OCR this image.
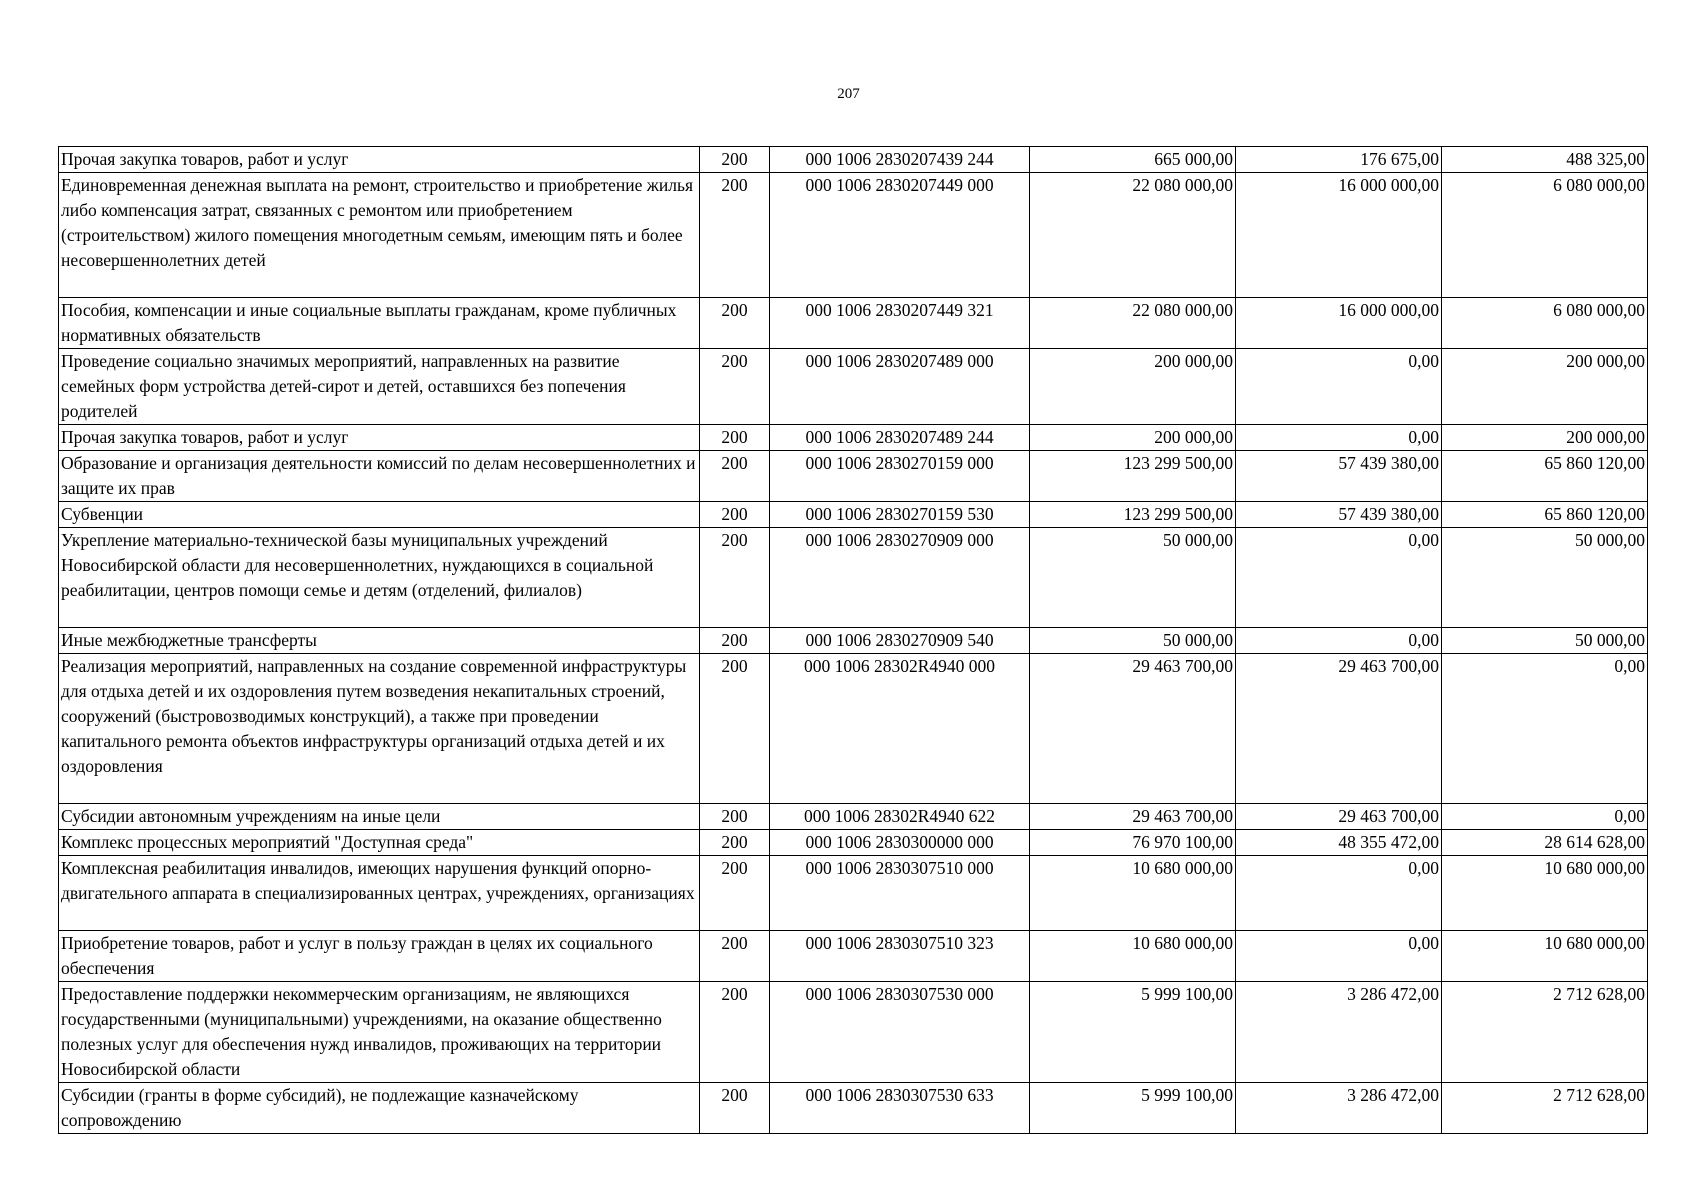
207
Прочая закупка товаров, работ и услуг	200	000 1006 2830207439 244	665 000,00	176 675,00	488 325,00
Единовременная денежная выплата на ремонт, строительство и приобретение жилья либо компенсация затрат, связанных с ремонтом или приобретением (строительством) жилого помещения многодетным семьям, имеющим пять и более несовершеннолетних детей	200	000 1006 2830207449 000	22 080 000,00	16 000 000,00	6 080 000,00
Пособия, компенсации и иные социальные выплаты гражданам, кроме публичных нормативных обязательств	200	000 1006 2830207449 321	22 080 000,00	16 000 000,00	6 080 000,00
Проведение социально значимых мероприятий, направленных на развитие семейных форм устройства детей-сирот и детей, оставшихся без попечения родителей	200	000 1006 2830207489 000	200 000,00	0,00	200 000,00
Прочая закупка товаров, работ и услуг	200	000 1006 2830207489 244	200 000,00	0,00	200 000,00
Образование и организация деятельности комиссий по делам несовершеннолетних и защите их прав	200	000 1006 2830270159 000	123 299 500,00	57 439 380,00	65 860 120,00
Субвенции	200	000 1006 2830270159 530	123 299 500,00	57 439 380,00	65 860 120,00
Укрепление материально-технической базы муниципальных учреждений Новосибирской области для несовершеннолетних, нуждающихся в социальной реабилитации, центров помощи семье и детям (отделений, филиалов)	200	000 1006 2830270909 000	50 000,00	0,00	50 000,00
Иные межбюджетные трансферты	200	000 1006 2830270909 540	50 000,00	0,00	50 000,00
Реализация мероприятий, направленных на создание современной инфраструктуры для отдыха детей и их оздоровления путем возведения некапитальных строений, сооружений (быстровозводимых конструкций), а также при проведении капитального ремонта объектов инфраструктуры организаций отдыха детей и их оздоровления	200	000 1006 28302R4940 000	29 463 700,00	29 463 700,00	0,00
Субсидии автономным учреждениям на иные цели	200	000 1006 28302R4940 622	29 463 700,00	29 463 700,00	0,00
Комплекс процессных мероприятий "Доступная среда"	200	000 1006 2830300000 000	76 970 100,00	48 355 472,00	28 614 628,00
Комплексная реабилитация инвалидов, имеющих нарушения функций опорно-двигательного аппарата в специализированных центрах, учреждениях, организациях	200	000 1006 2830307510 000	10 680 000,00	0,00	10 680 000,00
Приобретение товаров, работ и услуг в пользу граждан в целях их социального обеспечения	200	000 1006 2830307510 323	10 680 000,00	0,00	10 680 000,00
Предоставление поддержки некоммерческим организациям, не являющихся государственными (муниципальными) учреждениями, на оказание общественно полезных услуг для обеспечения нужд инвалидов, проживающих на территории Новосибирской области	200	000 1006 2830307530 000	5 999 100,00	3 286 472,00	2 712 628,00
Субсидии (гранты в форме субсидий), не подлежащие казначейскому сопровождению	200	000 1006 2830307530 633	5 999 100,00	3 286 472,00	2 712 628,00
